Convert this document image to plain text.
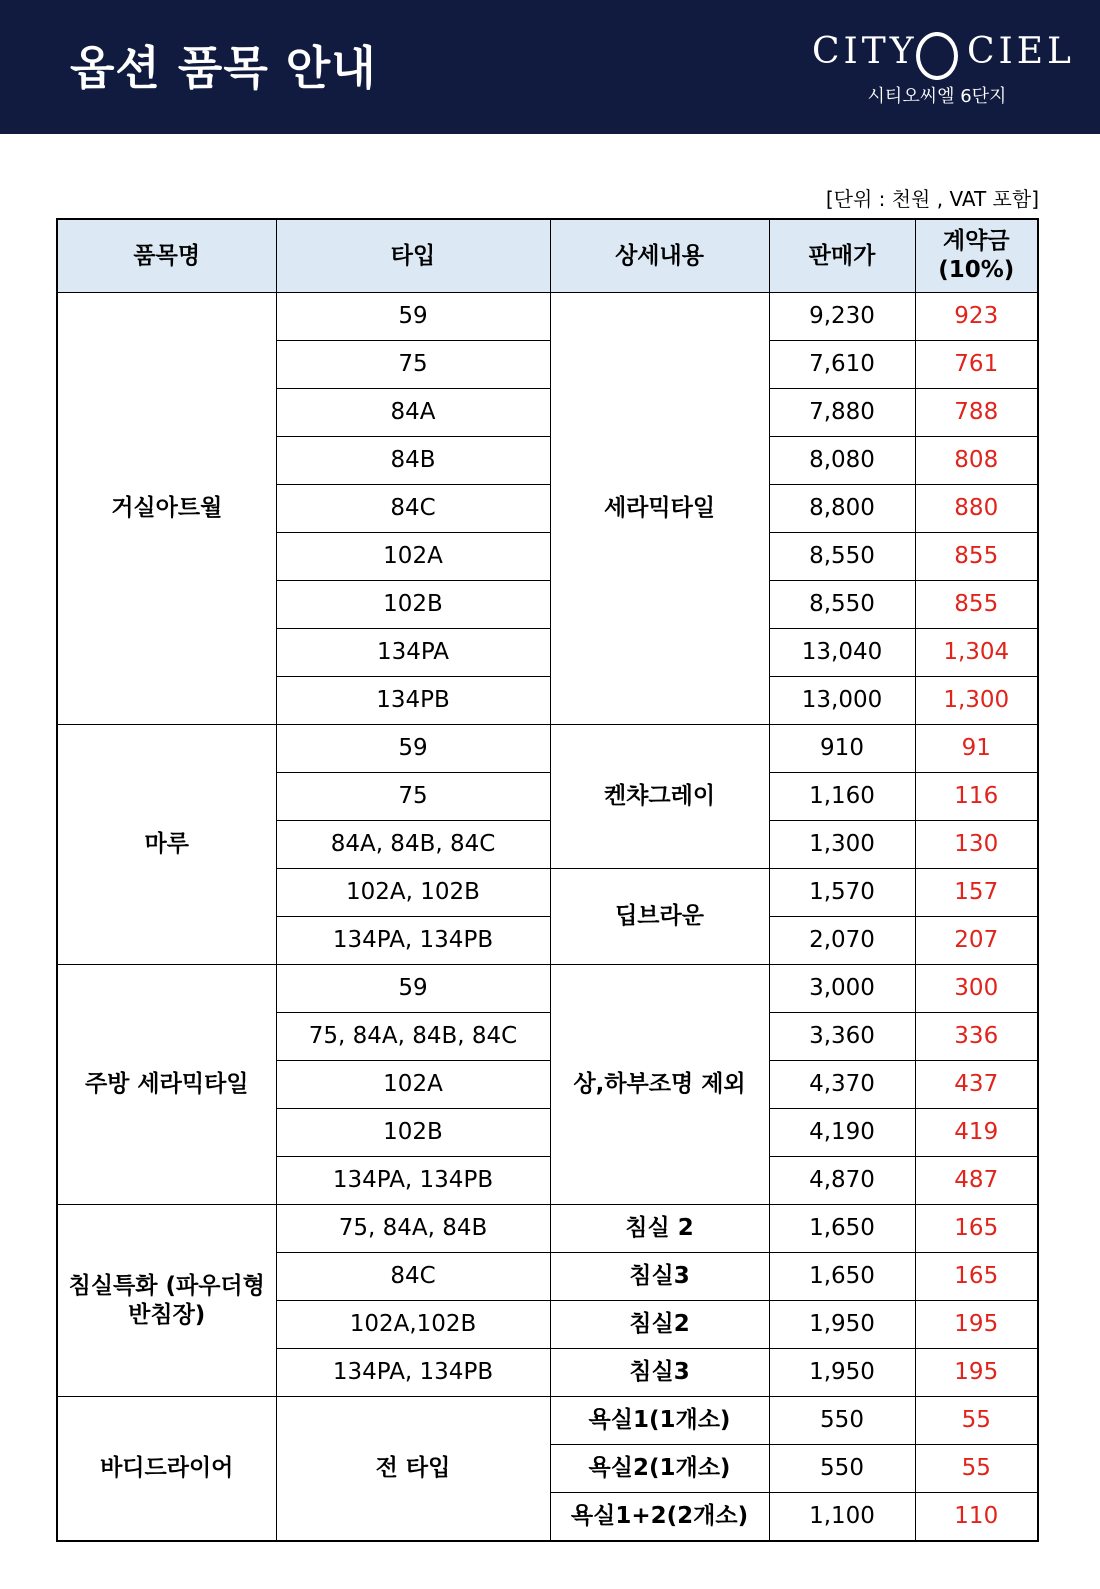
옵션 품목 안내	CITY CIEL
시티오씨엘 6단지
[단위 : 천원 , VAT 포함]
품목명	타입	상세내용	판매가	계약금 (10%)
거실아트월	59	세라믹타일	9,230	923
	75		7,610	761
	84A		7,880	788
	84B		8,080	808
	84C		8,800	880
	102A		8,550	855
	102B		8,550	855
	134PA		13,040	1,304
	134PB		13,000	1,300
마루	59	켄챠그레이	910	91
	75		1,160	116
	84A, 84B, 84C		1,300	130
	102A, 102B	딥브라운	1,570	157
	134PA, 134PB		2,070	207
주방 세라믹타일	59	상,하부조명 제외	3,000	300
	75, 84A, 84B, 84C		3,360	336
	102A		4,370	437
	102B		4,190	419
	134PA, 134PB		4,870	487
침실특화 (파우더형 반침장)	75, 84A, 84B	침실 2	1,650	165
	84C	침실3	1,650	165
	102A,102B	침실2	1,950	195
	134PA, 134PB	침실3	1,950	195
바디드라이어	전 타입	욕실1(1개소)	550	55
		욕실2(1개소)	550	55
		욕실1+2(2개소)	1,100	110
